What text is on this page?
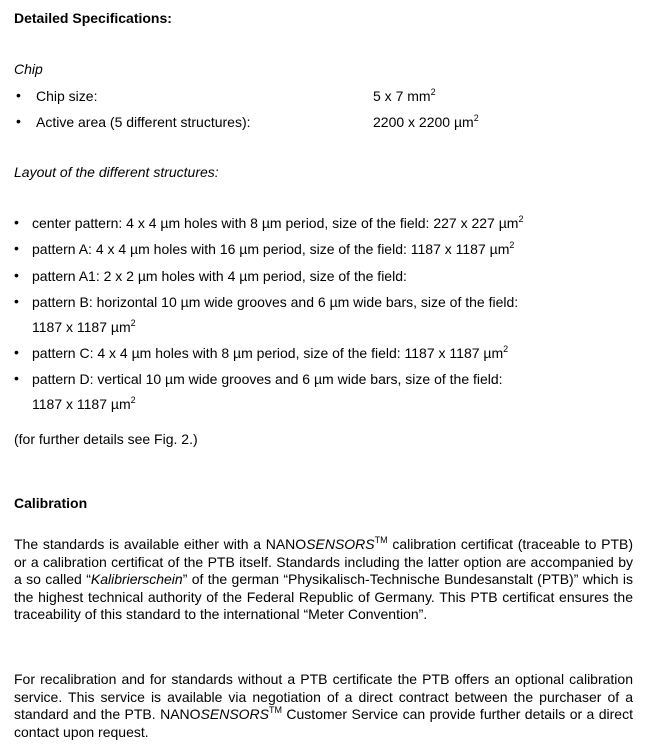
Detailed Specifications:
Chip
• Chip size:	5 x 7 $mm^2$
• Active area (5 different structures):	2200 x 2200 µm$^2$
Layout of the different structures:
• center pattern: 4 x 4 µm holes with 8 µm period, size of the field: 227 x 227 µm$^2$
• pattern A: 4 x 4 µm holes with 16 µm period, size of the field: 1187 x 1187 µm$^2$
• pattern A1: 2 x 2 µm holes with 4 µm period, size of the field:
• pattern B: horizontal 10 µm wide grooves and 6 µm wide bars, size of the field:
1187 x 1187 µm$^2$
• pattern C: 4 x 4 µm holes with 8 µm period, size of the field: 1187 x 1187 µm$^2$
• pattern D: vertical 10 µm wide grooves and 6 µm wide bars, size of the field:
1187 x 1187 µm$^2$
(for further details see Fig. 2.)
Calibration
The standards is available either with a NANOSENSORS™ calibration certificat (traceable to PTB) or a calibration certificat of the PTB itself. Standards including the latter option are accompanied by a so called “Kalibrierschein” of the german “Physikalisch-Technische Bundesanstalt (PTB)” which is the highest technical authority of the Federal Republic of Germany. This PTB certificat ensures the traceability of this standard to the international “Meter Convention”.
For recalibration and for standards without a PTB certificate the PTB offers an optional calibration service. This service is available via negotiation of a direct contract between the purchaser of a standard and the PTB. NANOSENSORS™ Customer Service can provide further details or a direct contact upon request.
